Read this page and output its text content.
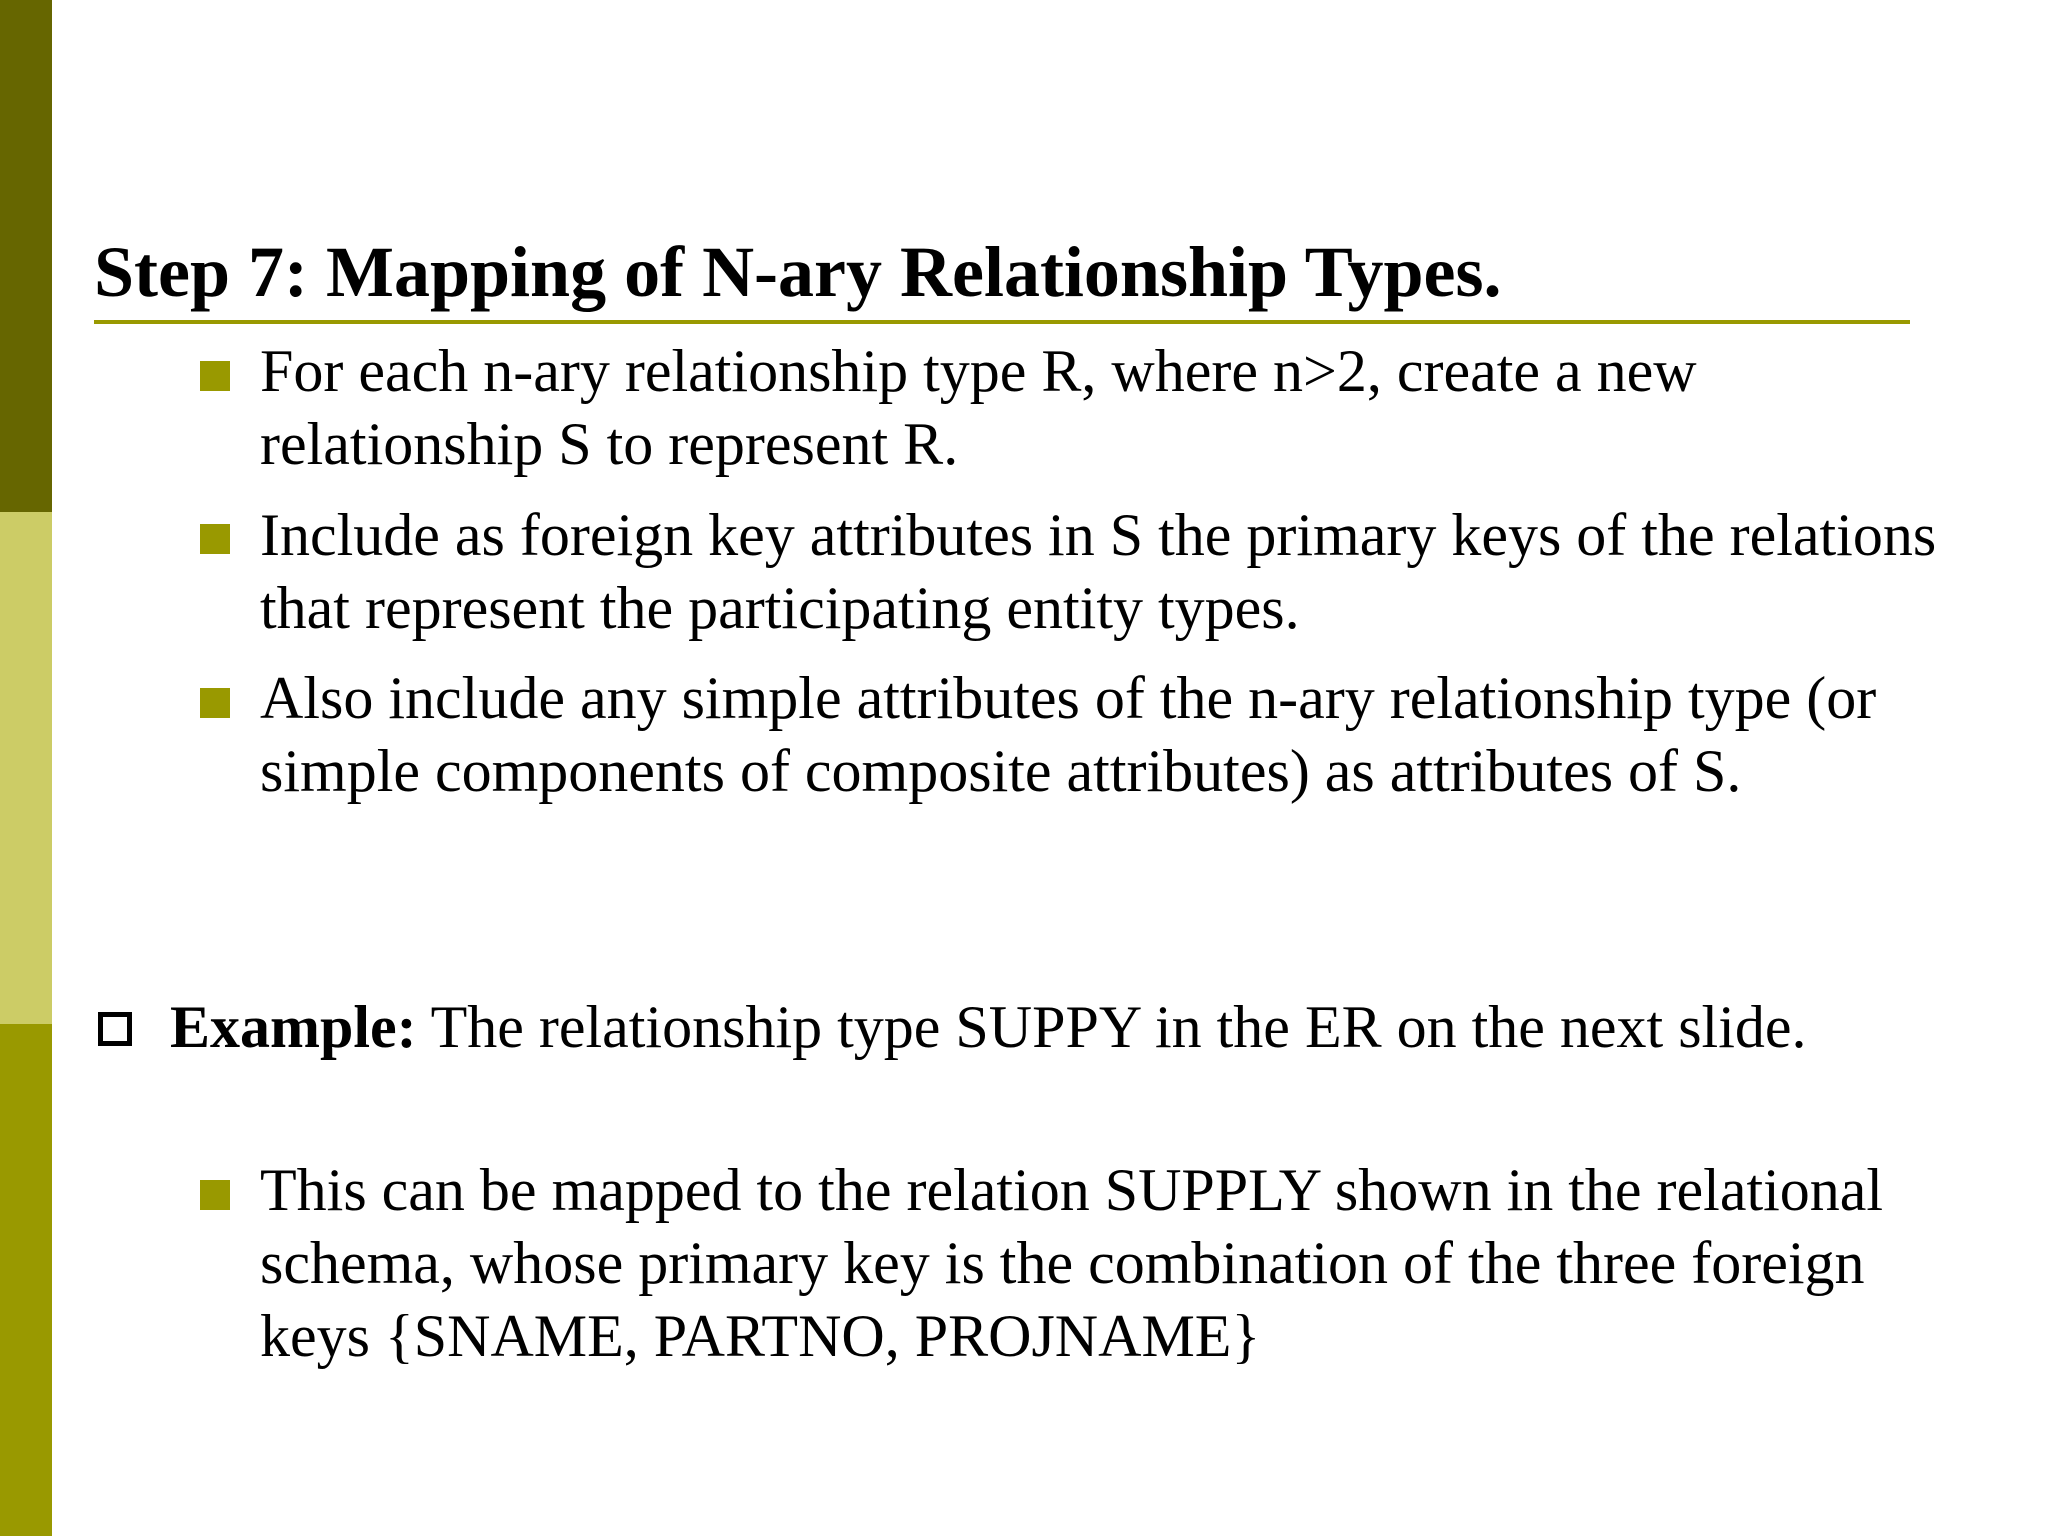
Step 7: Mapping of N-ary Relationship Types.
For each n-ary relationship type R, where n>2, create a new relationship S to represent R.
Include as foreign key attributes in S the primary keys of the relations that represent the participating entity types.
Also include any simple attributes of the n-ary relationship type (or simple components of composite attributes) as attributes of S.
Example: The relationship type SUPPY in the ER on the next slide.
This can be mapped to the relation SUPPLY shown in the relational schema, whose primary key is the combination of the three foreign keys {SNAME, PARTNO, PROJNAME}
